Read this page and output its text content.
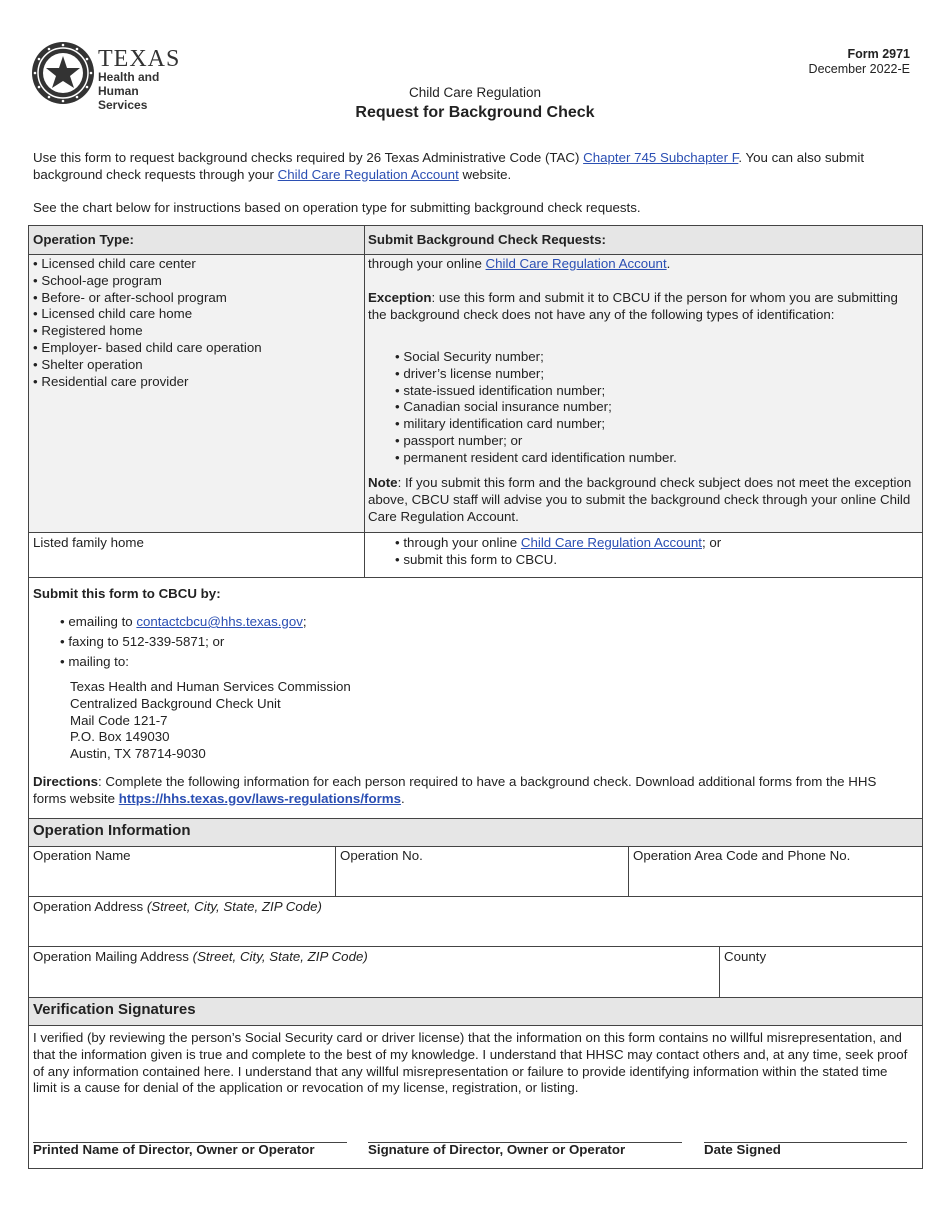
TEXAS
Health and Human
Services
Form 2971
December 2022-E
Child Care Regulation
Request for Background Check
Use this form to request background checks required by 26 Texas Administrative Code (TAC) Chapter 745 Subchapter F. You can also submit background check requests through your Child Care Regulation Account website.
See the chart below for instructions based on operation type for submitting background check requests.
Operation Type:	Submit Background Check Requests:
• Licensed child care center
• School-age program
• Before- or after-school program
• Licensed child care home
• Registered home
• Employer- based child care operation
• Shelter operation
• Residential care provider
through your online Child Care Regulation Account.
Exception: use this form and submit it to CBCU if the person for whom you are submitting the background check does not have any of the following types of identification:
• Social Security number;
• driver’s license number;
• state-issued identification number;
• Canadian social insurance number;
• military identification card number;
• passport number; or
• permanent resident card identification number.
Note: If you submit this form and the background check subject does not meet the exception above, CBCU staff will advise you to submit the background check through your online Child Care Regulation Account.
Listed family home
•	through your online Child Care Regulation Account; or
• submit this form to CBCU.
Submit this form to CBCU by:
• emailing to contactcbcu@hhs.texas.gov;
• faxing to 512-339-5871; or
• mailing to:
Texas Health and Human Services Commission
Centralized Background Check Unit
Mail Code 121-7
P.O. Box 149030
Austin, TX 78714-9030
Directions: Complete the following information for each person required to have a background check. Download additional forms from the HHS forms website https://hhs.texas.gov/laws-regulations/forms.
Operation Information
Operation Name	Operation No.	Operation Area Code and Phone No.
Operation Address (Street, City, State, ZIP Code)
Operation Mailing Address (Street, City, State, ZIP Code)	County
Verification Signatures
I verified (by reviewing the person’s Social Security card or driver license) that the information on this form contains no willful misrepresentation, and that the information given is true and complete to the best of my knowledge. I understand that HHSC may contact others and, at any time, seek proof of any information contained here. I understand that any willful misrepresentation or failure to provide identifying information within the stated time limit is a cause for denial of the application or revocation of my license, registration, or listing.
Printed Name of Director, Owner or Operator	Signature of Director, Owner or Operator	Date Signed
